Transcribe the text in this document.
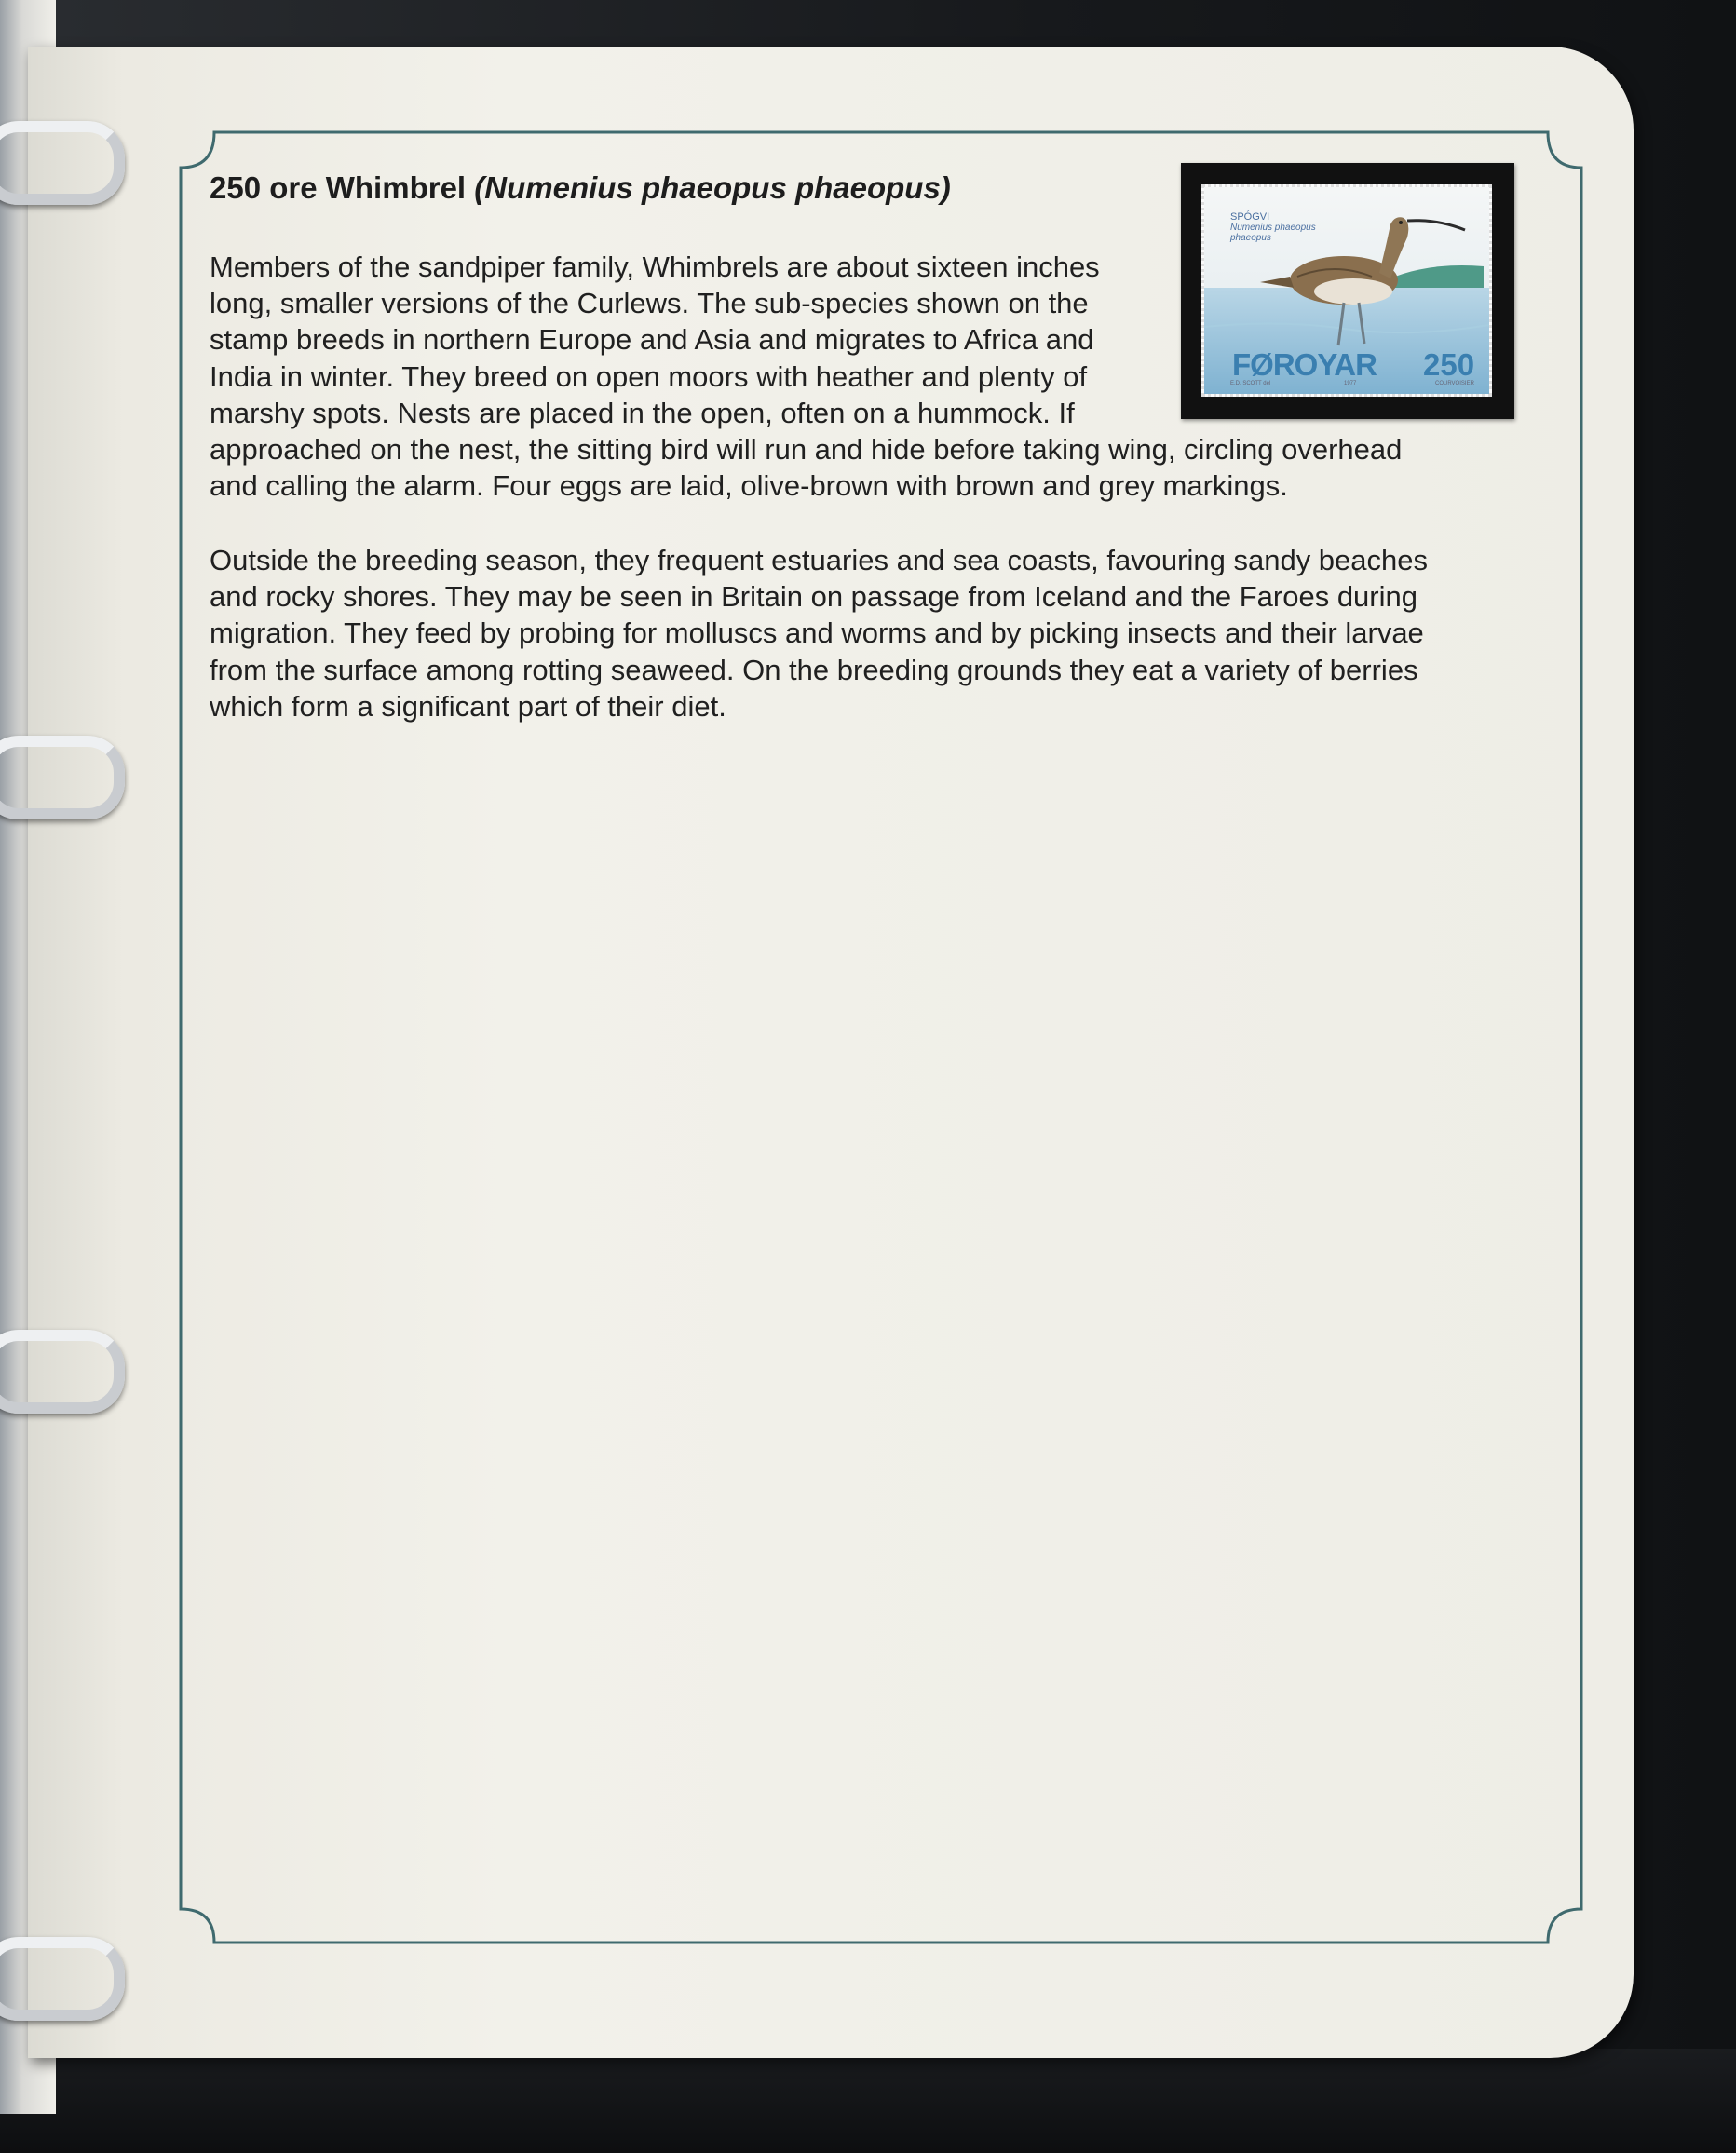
250 ore Whimbrel (Numenius phaeopus phaeopus)
Members of the sandpiper family, Whimbrels are about sixteen inches
long, smaller versions of the Curlews. The sub-species shown on the
stamp breeds in northern Europe and Asia and migrates to Africa and
India in winter. They breed on open moors with heather and plenty of
marshy spots. Nests are placed in the open, often on a hummock. If
approached on the nest, the sitting bird will run and hide before taking wing, circling overhead
and calling the alarm. Four eggs are laid, olive-brown with brown and grey markings.
Outside the breeding season, they frequent estuaries and sea coasts, favouring sandy beaches
and rocky shores. They may be seen in Britain on passage from Iceland and the Faroes during
migration. They feed by probing for molluscs and worms and by picking insects and their larvae
from the surface among rotting seaweed. On the breeding grounds they eat a variety of berries
which form a significant part of their diet.
SPÓGVI
Numenius phaeopus
phaeopus
FØROYAR 250
E.D. SCOTT del	1977	COURVOISIER
